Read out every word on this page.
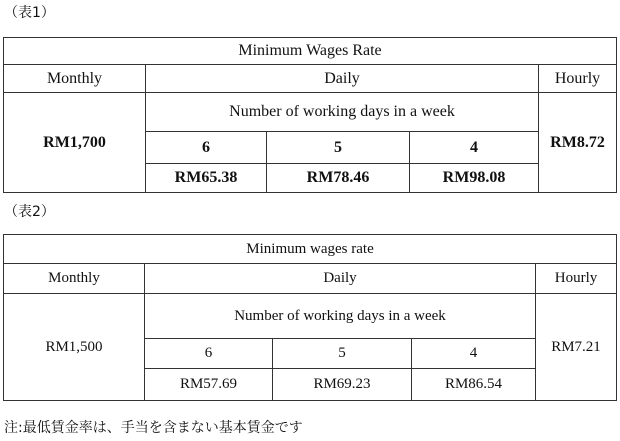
（表1）
Minimum Wages Rate				
Monthly	Daily			Hourly
RM1,700	Number of working days in a week			RM8.72
	6	5	4	
	RM65.38	RM78.46	RM98.08	
（表2）
Minimum wages rate				
Monthly	Daily			Hourly
RM1,500	Number of working days in a week			RM7.21
	6	5	4	
	RM57.69	RM69.23	RM86.54	
注:最低賃金率は、手当を含まない基本賃金です
